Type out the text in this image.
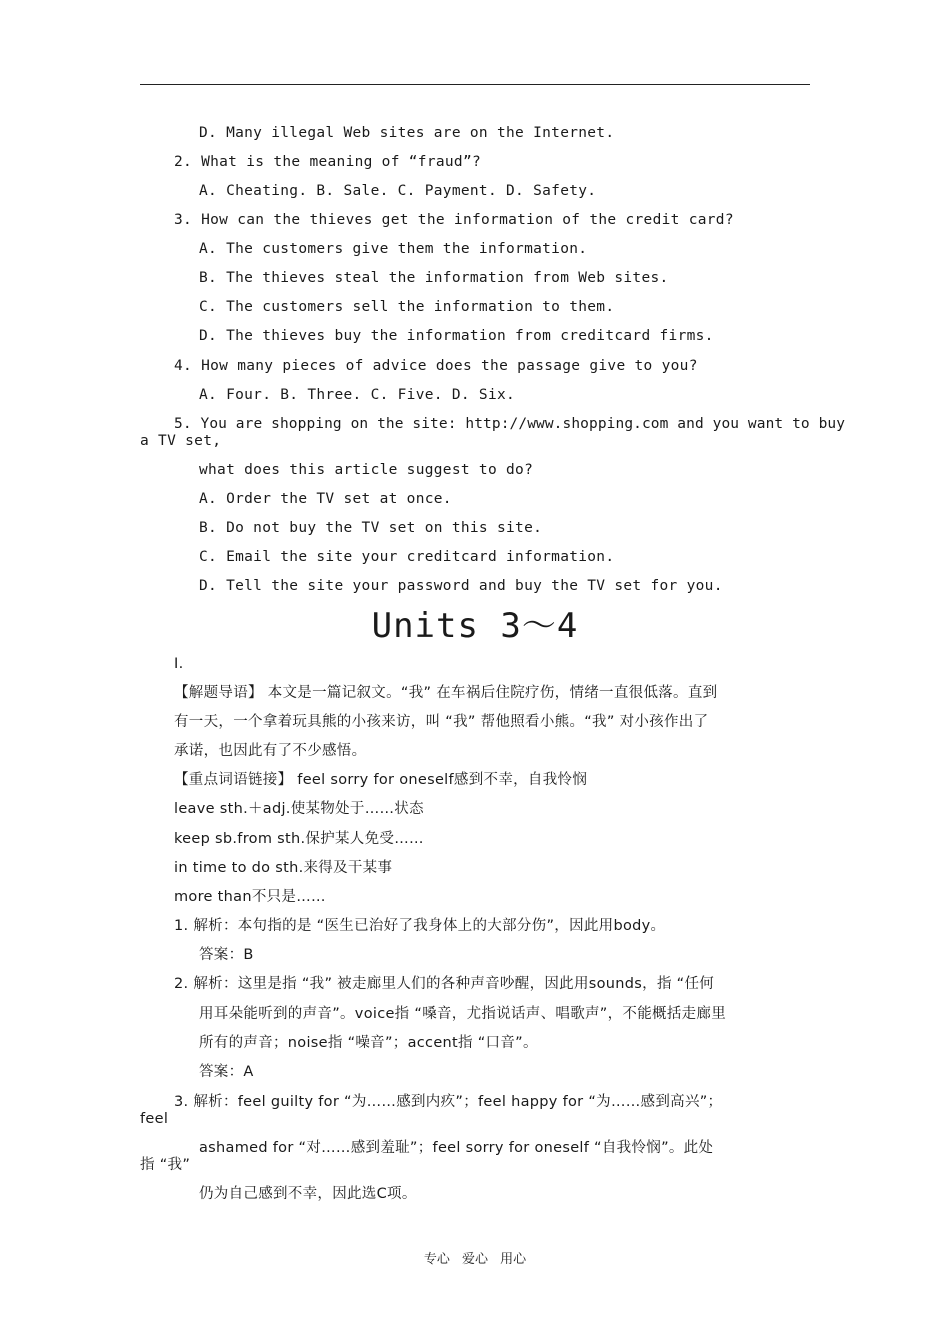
D. Many illegal Web sites are on the Internet.
2. What is the meaning of “fraud”?
A. Cheating. B. Sale. C. Payment. D. Safety.
3. How can the thieves get the information of the credit card?
A. The customers give them the information.
B. The thieves steal the information from Web sites.
C. The customers sell the information to them.
D. The thieves buy the information from creditcard firms.
4. How many pieces of advice does the passage give to you?
A. Four. B. Three. C. Five. D. Six.
5. You are shopping on the site: http://www.shopping.com and you want to buy
a TV set,
what does this article suggest to do?
A. Order the TV set at once.
B. Do not buy the TV set on this site.
C. Email the site your creditcard information.
D. Tell the site your password and buy the TV set for you.
Units 3～4
Ⅰ.
【解题导语】 本文是一篇记叙文。“我” 在车祸后住院疗伤，情绪一直很低落。直到
有一天，一个拿着玩具熊的小孩来访，叫 “我” 帮他照看小熊。“我” 对小孩作出了
承诺，也因此有了不少感悟。
【重点词语链接】 feel sorry for oneself感到不幸，自我怜悯
leave sth.＋adj.使某物处于……状态
keep sb.from sth.保护某人免受……
in time to do sth.来得及干某事
more than不只是……
1. 解析：本句指的是 “医生已治好了我身体上的大部分伤”，因此用body。
答案：B
2. 解析：这里是指 “我” 被走廊里人们的各种声音吵醒，因此用sounds，指 “任何
用耳朵能听到的声音”。voice指 “嗓音，尤指说话声、唱歌声”，不能概括走廊里
所有的声音；noise指 “噪音”；accent指 “口音”。
答案：A
3. 解析：feel guilty for “为……感到内疚”；feel happy for “为……感到高兴”；
feel
ashamed for “对……感到羞耻”；feel sorry for oneself “自我怜悯”。此处
指 “我”
仍为自己感到不幸，因此选C项。
专心 爱心 用心
